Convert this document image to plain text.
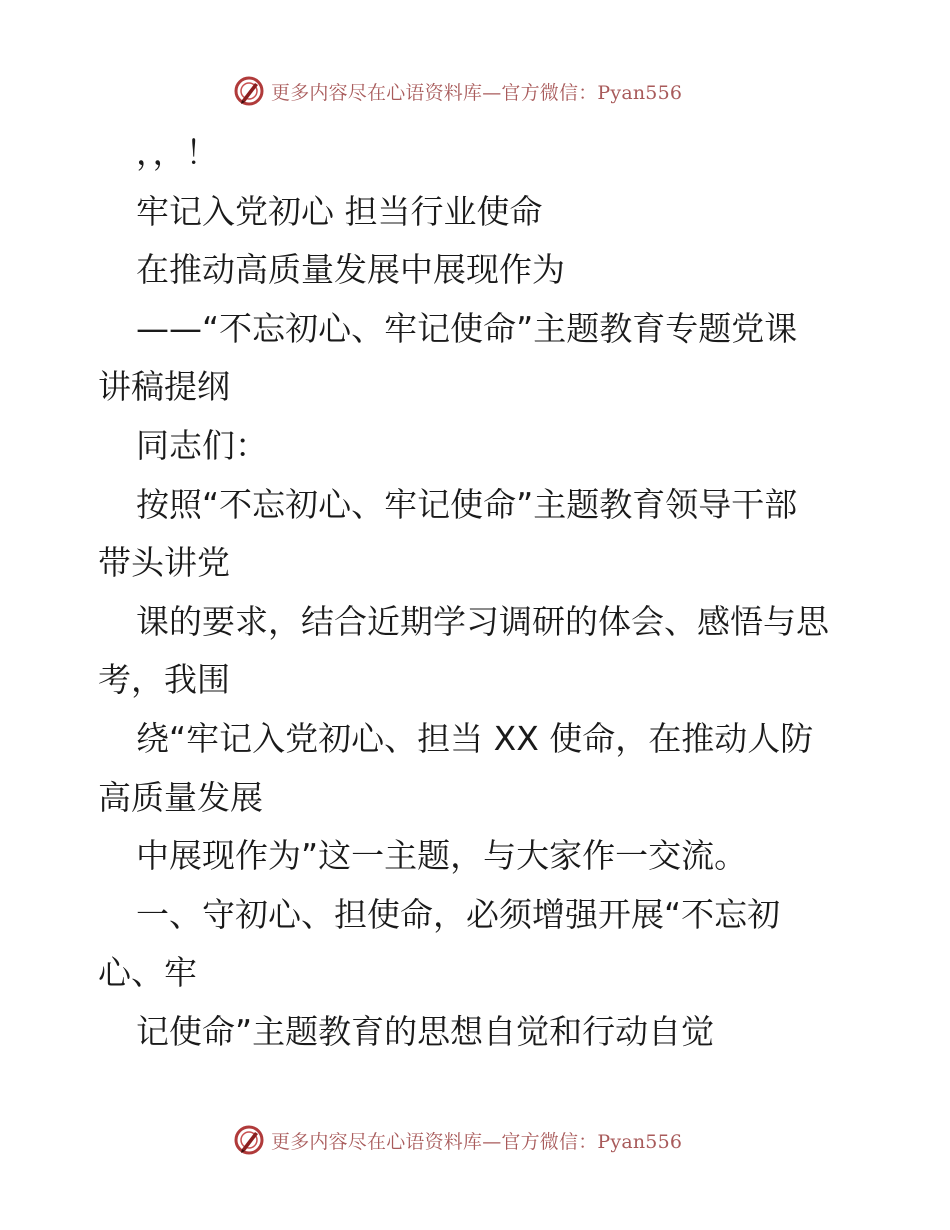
更多内容尽在心语资料库—官方微信：Pyan556
，，！
牢记入党初心 担当行业使命
在推动高质量发展中展现作为
——“不忘初心、牢记使命”主题教育专题党课
讲稿提纲
同志们：
按照“不忘初心、牢记使命”主题教育领导干部
带头讲党
课的要求，结合近期学习调研的体会、感悟与思
考，我围
绕“牢记入党初心、担当 XX 使命，在推动人防
高质量发展
中展现作为”这一主题，与大家作一交流。
一、守初心、担使命，必须增强开展“不忘初
心、牢
记使命”主题教育的思想自觉和行动自觉
更多内容尽在心语资料库—官方微信：Pyan556
